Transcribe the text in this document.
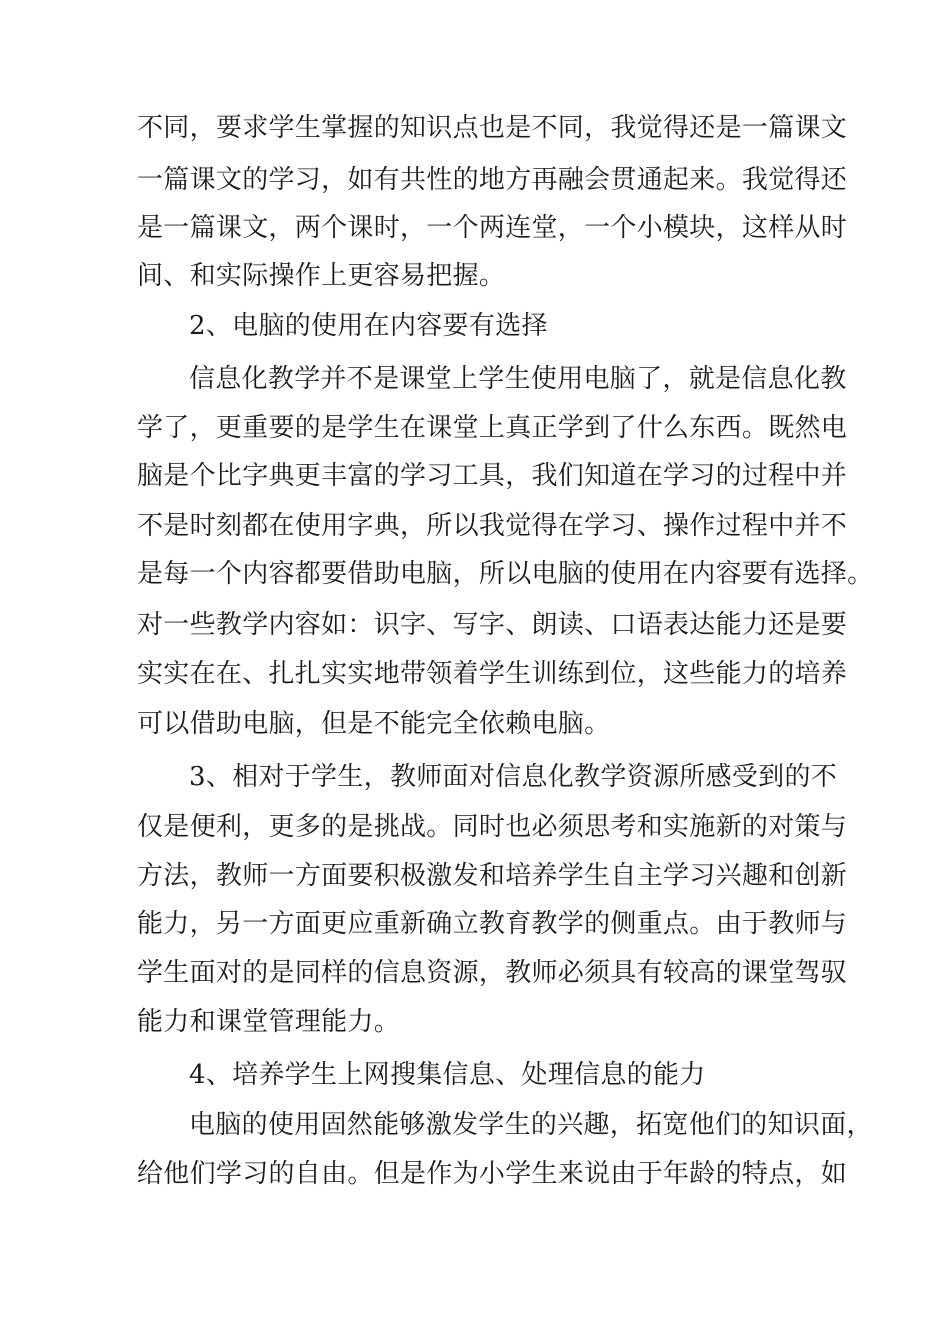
不同，要求学生掌握的知识点也是不同，我觉得还是一篇课文
一篇课文的学习，如有共性的地方再融会贯通起来。我觉得还
是一篇课文，两个课时，一个两连堂，一个小模块，这样从时
间、和实际操作上更容易把握。
2、电脑的使用在内容要有选择
信息化教学并不是课堂上学生使用电脑了，就是信息化教
学了，更重要的是学生在课堂上真正学到了什么东西。既然电
脑是个比字典更丰富的学习工具，我们知道在学习的过程中并
不是时刻都在使用字典，所以我觉得在学习、操作过程中并不
是每一个内容都要借助电脑，所以电脑的使用在内容要有选择。
对一些教学内容如：识字、写字、朗读、口语表达能力还是要
实实在在、扎扎实实地带领着学生训练到位，这些能力的培养
可以借助电脑，但是不能完全依赖电脑。
3、相对于学生，教师面对信息化教学资源所感受到的不
仅是便利，更多的是挑战。同时也必须思考和实施新的对策与
方法，教师一方面要积极激发和培养学生自主学习兴趣和创新
能力，另一方面更应重新确立教育教学的侧重点。由于教师与
学生面对的是同样的信息资源，教师必须具有较高的课堂驾驭
能力和课堂管理能力。
4、培养学生上网搜集信息、处理信息的能力
电脑的使用固然能够激发学生的兴趣，拓宽他们的知识面，
给他们学习的自由。但是作为小学生来说由于年龄的特点，如
